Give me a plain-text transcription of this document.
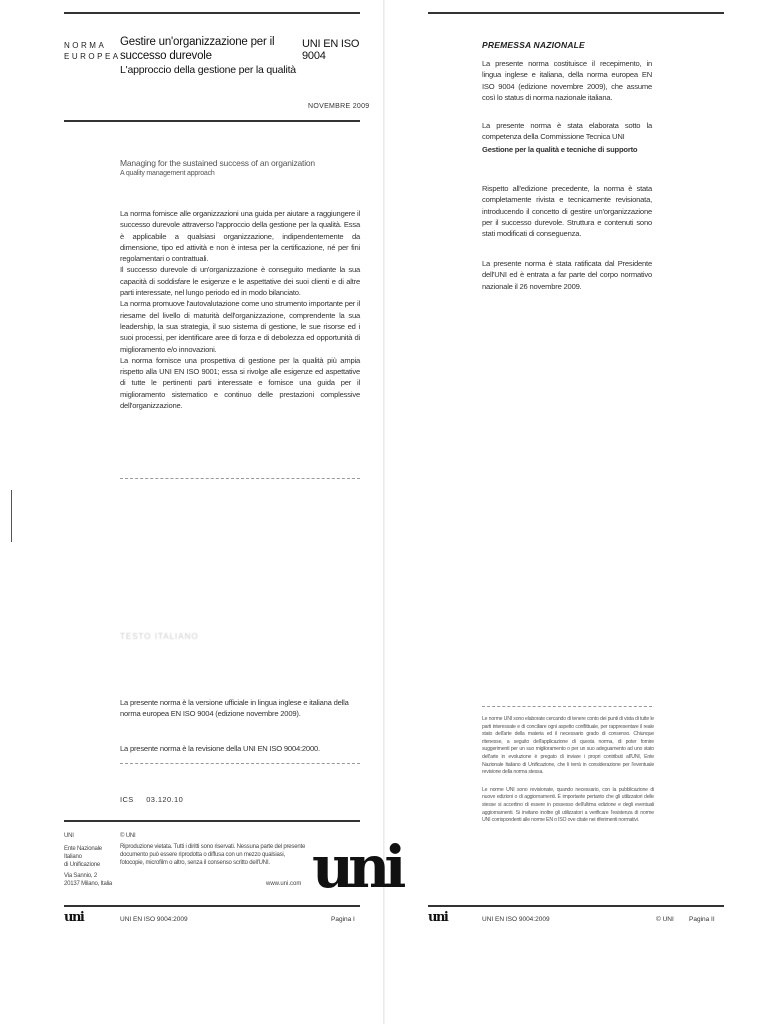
NORMA
EUROPEA
Gestire un'organizzazione per il successo durevole
L'approccio della gestione per la qualità
UNI EN ISO 9004
NOVEMBRE 2009
Managing for the sustained success of an organization
A quality management approach

La norma fornisce alle organizzazioni una guida per aiutare a raggiungere il successo durevole attraverso l'approccio della gestione per la qualità. Essa è applicabile a qualsiasi organizzazione, indipendentemente da dimensione, tipo ed attività e non è intesa per la certificazione, né per fini regolamentari o contrattuali.

Il successo durevole di un'organizzazione è conseguito mediante la sua capacità di soddisfare le esigenze e le aspettative dei suoi clienti e di altre parti interessate, nel lungo periodo ed in modo bilanciato.

La norma promuove l'autovalutazione come uno strumento importante per il riesame del livello di maturità dell'organizzazione, comprendente la sua leadership, la sua strategia, il suo sistema di gestione, le sue risorse ed i suoi processi, per identificare aree di forza e di debolezza ed opportunità di miglioramento e/o innovazioni.

La norma fornisce una prospettiva di gestione per la qualità più ampia rispetto alla UNI EN ISO 9001; essa si rivolge alle esigenze ed aspettative di tutte le pertinenti parti interessate e fornisce una guida per il miglioramento sistematico e continuo delle prestazioni complessive dell'organizzazione.

TESTO ITALIANO
La presente norma è la versione ufficiale in lingua inglese e italiana della norma europea EN ISO 9004 (edizione novembre 2009).
La presente norma è la revisione della UNI EN ISO 9004:2000.
ICS 03.120.10

UNI

Ente Nazionale Italiano

di Unificazione

Via Sannio, 2

20137 Milano, Italia

© UNI

Riproduzione vietata. Tutti i diritti sono riservati. Nessuna parte del presente documento può essere riprodotta o diffusa con un mezzo qualsiasi, fotocopie, microfilm o altro, senza il consenso scritto dell'UNI.

www.uni.com uni
uni	UNI EN ISO 9004:2009	Pagina I
PREMESSA NAZIONALE
La presente norma costituisce il recepimento, in lingua inglese e italiana, della norma europea EN ISO 9004 (edizione novembre 2009), che assume così lo status di norma nazionale italiana.
La presente norma è stata elaborata sotto la competenza della Commissione Tecnica UNI
Gestione per la qualità e tecniche di supporto
Rispetto all'edizione precedente, la norma è stata completamente rivista e tecnicamente revisionata, introducendo il concetto di gestire un'organizzazione per il successo durevole. Struttura e contenuti sono stati modificati di conseguenza.
La presente norma è stata ratificata dal Presidente dell'UNI ed è entrata a far parte del corpo normativo nazionale il 26 novembre 2009.

Le norme UNI sono elaborate cercando di tenere conto dei punti di vista di tutte le parti interessate e di conciliare ogni aspetto conflittuale, per rappresentare il reale stato dell'arte della materia ed il necessario grado di consenso. Chiunque ritenesse, a seguito dell'applicazione di questa norma, di poter fornire suggerimenti per un suo miglioramento o per un suo adeguamento ad uno stato dell'arte in evoluzione è pregato di inviare i propri contributi all'UNI, Ente Nazionale Italiano di Unificazione, che li terrà in considerazione per l'eventuale revisione della norma stessa.

Le norme UNI sono revisionate, quando necessario, con la pubblicazione di nuove edizioni o di aggiornamenti. È importante pertanto che gli utilizzatori delle stesse si accertino di essere in possesso dell'ultima edizione e degli eventuali aggiornamenti. Si invitano inoltre gli utilizzatori a verificare l'esistenza di norme UNI corrispondenti alle norme EN o ISO ove citate nei riferimenti normativi.

uni	UNI EN ISO 9004:2009	© UNI Pagina II
